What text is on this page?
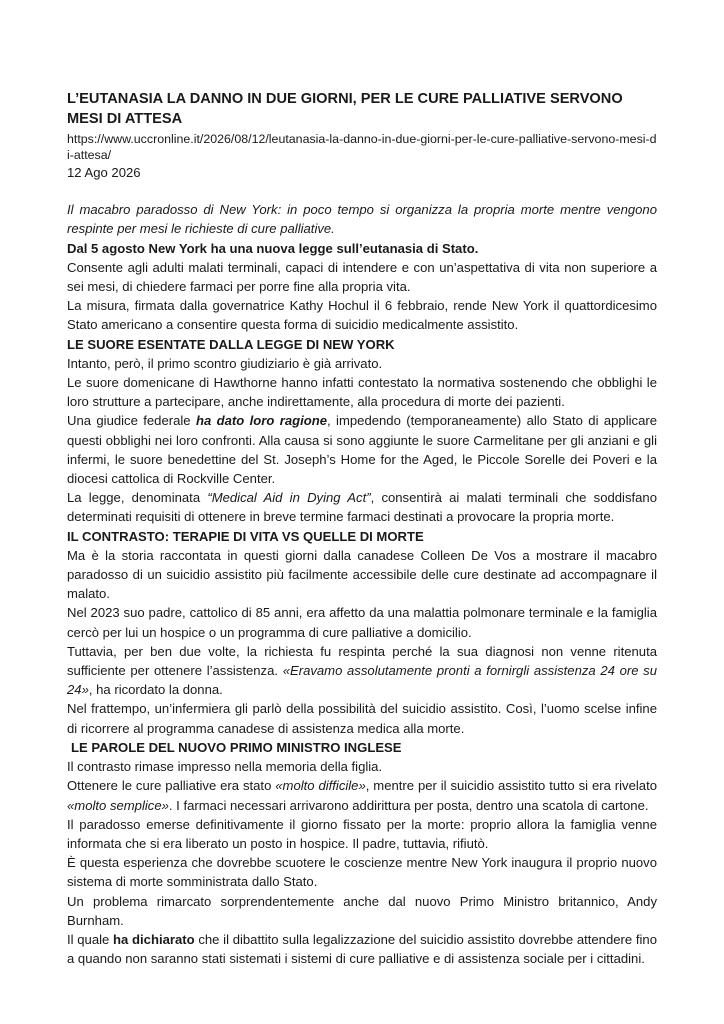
L’EUTANASIA LA DANNO IN DUE GIORNI, PER LE CURE PALLIATIVE SERVONO MESI DI ATTESA

https://www.uccronline.it/2026/08/12/leutanasia-la-danno-in-due-giorni-per-le-cure-palliative-servono-mesi-di-attesa/

12 Ago 2026

Il macabro paradosso di New York: in poco tempo si organizza la propria morte mentre vengono respinte per mesi le richieste di cure palliative.

Dal 5 agosto New York ha una nuova legge sull’eutanasia di Stato.

Consente agli adulti malati terminali, capaci di intendere e con un’aspettativa di vita non superiore a sei mesi, di chiedere farmaci per porre fine alla propria vita.

La misura, firmata dalla governatrice Kathy Hochul il 6 febbraio, rende New York il quattordicesimo Stato americano a consentire questa forma di suicidio medicalmente assistito.

LE SUORE ESENTATE DALLA LEGGE DI NEW YORK

Intanto, però, il primo scontro giudiziario è già arrivato.

Le suore domenicane di Hawthorne hanno infatti contestato la normativa sostenendo che obblighi le loro strutture a partecipare, anche indirettamente, alla procedura di morte dei pazienti.

Una giudice federale ha dato loro ragione, impedendo (temporaneamente) allo Stato di applicare questi obblighi nei loro confronti. Alla causa si sono aggiunte le suore Carmelitane per gli anziani e gli infermi, le suore benedettine del St. Joseph’s Home for the Aged, le Piccole Sorelle dei Poveri e la diocesi cattolica di Rockville Center.

La legge, denominata “Medical Aid in Dying Act”, consentirà ai malati terminali che soddisfano determinati requisiti di ottenere in breve termine farmaci destinati a provocare la propria morte.

IL CONTRASTO: TERAPIE DI VITA VS QUELLE DI MORTE

Ma è la storia raccontata in questi giorni dalla canadese Colleen De Vos a mostrare il macabro paradosso di un suicidio assistito più facilmente accessibile delle cure destinate ad accompagnare il malato.

Nel 2023 suo padre, cattolico di 85 anni, era affetto da una malattia polmonare terminale e la famiglia cercò per lui un hospice o un programma di cure palliative a domicilio.

Tuttavia, per ben due volte, la richiesta fu respinta perché la sua diagnosi non venne ritenuta sufficiente per ottenere l’assistenza. «Eravamo assolutamente pronti a fornirgli assistenza 24 ore su 24», ha ricordato la donna.

Nel frattempo, un’infermiera gli parlò della possibilità del suicidio assistito. Così, l’uomo scelse infine di ricorrere al programma canadese di assistenza medica alla morte.

LE PAROLE DEL NUOVO PRIMO MINISTRO INGLESE

Il contrasto rimase impresso nella memoria della figlia.

Ottenere le cure palliative era stato «molto difficile», mentre per il suicidio assistito tutto si era rivelato «molto semplice». I farmaci necessari arrivarono addirittura per posta, dentro una scatola di cartone.

Il paradosso emerse definitivamente il giorno fissato per la morte: proprio allora la famiglia venne informata che si era liberato un posto in hospice. Il padre, tuttavia, rifiutò.

È questa esperienza che dovrebbe scuotere le coscienze mentre New York inaugura il proprio nuovo sistema di morte somministrata dallo Stato.

Un problema rimarcato sorprendentemente anche dal nuovo Primo Ministro britannico, Andy Burnham.

Il quale ha dichiarato che il dibattito sulla legalizzazione del suicidio assistito dovrebbe attendere fino a quando non saranno stati sistemati i sistemi di cure palliative e di assistenza sociale per i cittadini.
